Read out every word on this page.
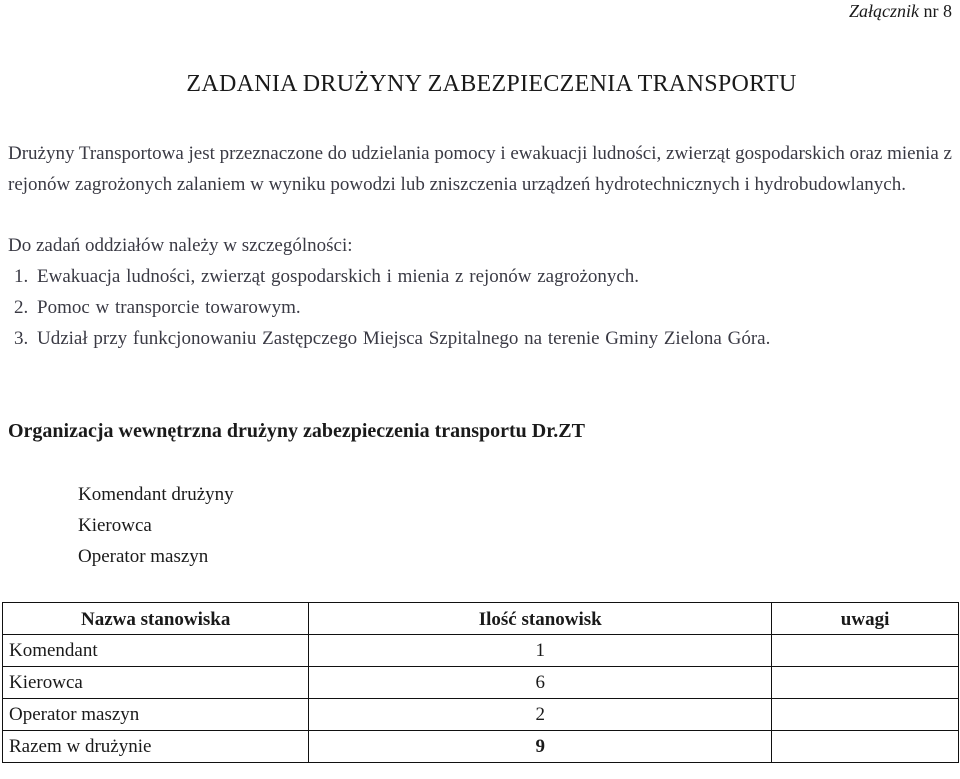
Załącznik nr 8
ZADANIA DRUŻYNY ZABEZPIECZENIA TRANSPORTU

Drużyny Transportowa jest przeznaczone do udzielania pomocy i ewakuacji ludności, zwierząt gospodarskich oraz mienia z rejonów zagrożonych zalaniem w wyniku powodzi lub zniszczenia urządzeń hydrotechnicznych i hydrobudowlanych.

Do zadań oddziałów należy w szczególności:
1. Ewakuacja ludności, zwierząt gospodarskich i mienia z rejonów zagrożonych.
2. Pomoc w transporcie towarowym.
3. Udział przy funkcjonowaniu Zastępczego Miejsca Szpitalnego na terenie Gminy Zielona Góra.
Organizacja wewnętrzna drużyny zabezpieczenia transportu Dr.ZT
Komendant drużyny
Kierowca
Operator maszyn
Nazwa stanowiska	Ilość stanowisk	uwagi
Komendant	1	
Kierowca	6	
Operator maszyn	2	
Razem w drużynie	9	
